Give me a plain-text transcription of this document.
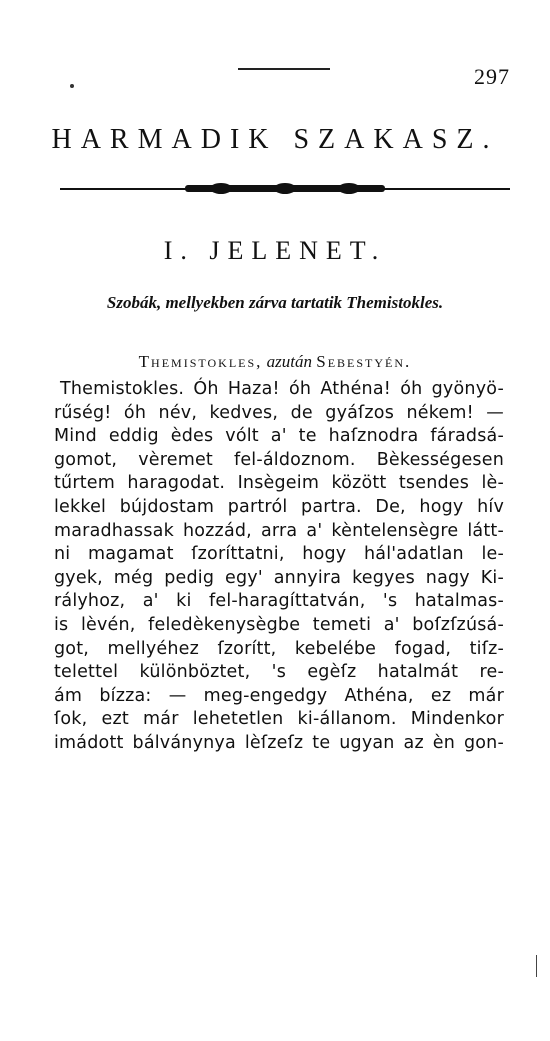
297
HARMADIK SZAKASZ.
I. JELENET.
Szobák, mellyekben zárva tartatik Themistokles.
Themistokles, azután Sebestyén.
Themistokles. Óh Haza! óh Athéna! óh gyönyö-
rűség! óh név, kedves, de gyáſzos nékem! —
Mind eddig èdes vólt a' te haſznodra fáradsá-
gomot, vèremet fel-áldoznom. Bèkességesen
tűrtem haragodat. Insègeim között tsendes lè-
lekkel bújdostam partról partra. De, hogy hív
maradhassak hozzád, arra a' kèntelensègre látt-
ni magamat ſzoríttatni, hogy hál'adatlan le-
gyek, még pedig egy' annyira kegyes nagy Ki-
rályhoz, a' ki fel-haragíttatván, 's hatalmas-
is lèvén, feledèkenysègbe temeti a' boſzſzúsá-
got, mellyéhez ſzorítt, kebelébe fogad, tiſz-
telettel különböztet, 's egèſz hatalmát re-
ám bízza: — meg-engedgy Athéna, ez már
ſok, ezt már lehetetlen ki-állanom. Mindenkor
imádott bálványnya lèſzeſz te ugyan az èn gon-
